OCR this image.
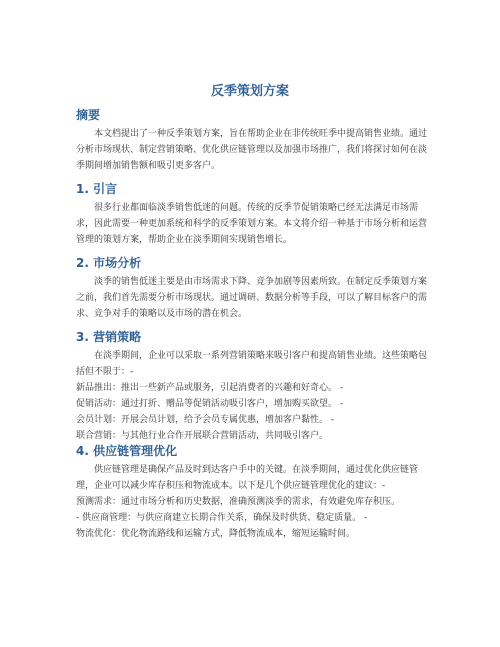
反季策划方案
摘要

本文档提出了一种反季策划方案，旨在帮助企业在非传统旺季中提高销售业绩。通过分析市场现状、制定营销策略、优化供应链管理以及加强市场推广，我们将探讨如何在淡季期间增加销售额和吸引更多客户。

1. 引言

很多行业都面临淡季销售低迷的问题。传统的反季节促销策略已经无法满足市场需求，因此需要一种更加系统和科学的反季策划方案。本文将介绍一种基于市场分析和运营管理的策划方案，帮助企业在淡季期间实现销售增长。

2. 市场分析

淡季的销售低迷主要是由市场需求下降、竞争加剧等因素所致。在制定反季策划方案之前，我们首先需要分析市场现状。通过调研、数据分析等手段，可以了解目标客户的需求、竞争对手的策略以及市场的潜在机会。

3. 营销策略

在淡季期间，企业可以采取一系列营销策略来吸引客户和提高销售业绩。这些策略包括但不限于：-

新品推出：推出一些新产品或服务，引起消费者的兴趣和好奇心。 -
促销活动：通过打折、赠品等促销活动吸引客户，增加购买欲望。 -
会员计划：开展会员计划，给予会员专属优惠，增加客户黏性。 -
联合营销：与其他行业合作开展联合营销活动，共同吸引客户。
4. 供应链管理优化

供应链管理是确保产品及时到达客户手中的关键。在淡季期间，通过优化供应链管理，企业可以减少库存积压和物流成本。以下是几个供应链管理优化的建议：-

预测需求：通过市场分析和历史数据，准确预测淡季的需求，有效避免库存积压。
- 供应商管理：与供应商建立长期合作关系，确保及时供货、稳定质量。 -
物流优化：优化物流路线和运输方式，降低物流成本，缩短运输时间。
